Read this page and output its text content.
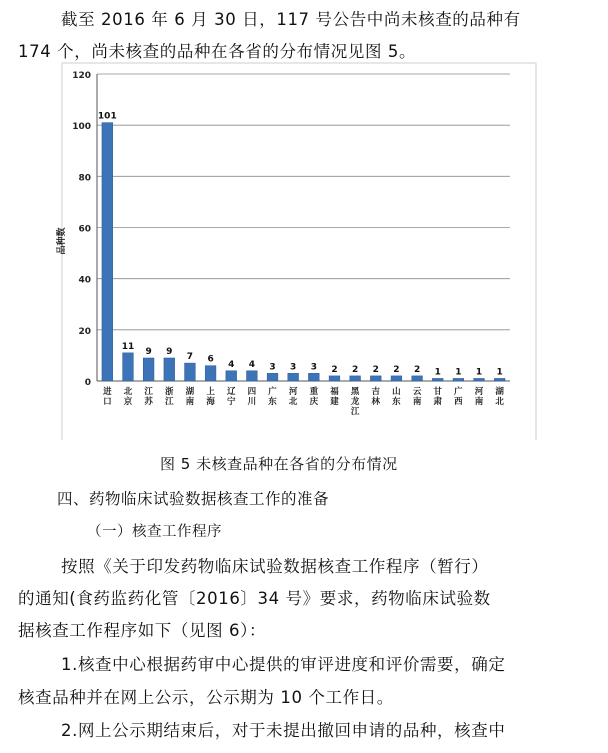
截至 2016 年 6 月 30 日，117 号公告中尚未核查的品种有
174 个，尚未核查的品种在各省的分布情况见图 5。
0
20
40
60
80
100
120
品种数
101
11
9 9
7 6
4 4 3 3 3 2 2 2 2 2 1 1 1 1
进口
北京
江苏
浙江
湖南
上海
辽宁
四川
广东
河北
重庆
福建
黑龙江
吉林
山东
云南
甘肃
广西
河南
湖北
图 5 未核查品种在各省的分布情况
四、药物临床试验数据核查工作的准备
（一）核查工作程序
按照《关于印发药物临床试验数据核查工作程序（暂行）
的通知(食药监药化管〔2016〕34 号》要求，药物临床试验数
据核查工作程序如下（见图 6）：
1.核查中心根据药审中心提供的审评进度和评价需要，确定
核查品种并在网上公示，公示期为 10 个工作日。
2.网上公示期结束后，对于未提出撤回申请的品种，核查中
